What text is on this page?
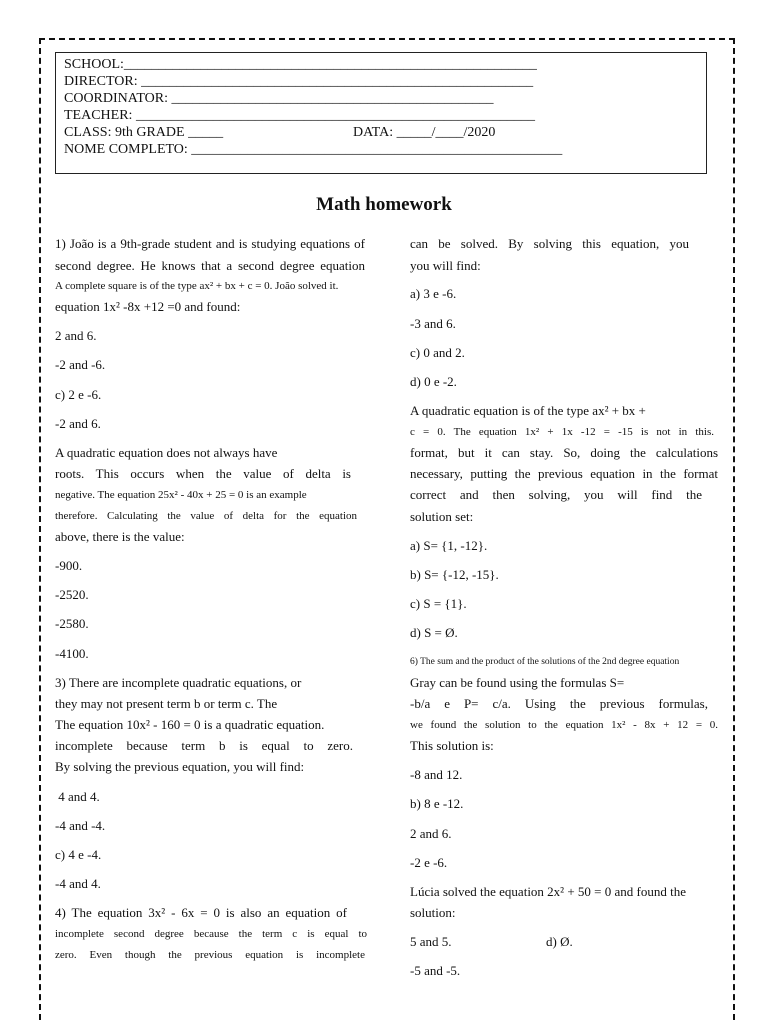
SCHOOL:___________________________________________________________
DIRECTOR: ________________________________________________________
COORDINATOR: ______________________________________________
TEACHER: _________________________________________________________
CLASS: 9th GRADE _____	DATA: _____/____/2020
NOME COMPLETO: _____________________________________________________
Math homework
1) João is a 9th-grade student and is studying equations of
second degree. He knows that a second degree equation
A complete square is of the type ax² + bx + c = 0. João solved it.
equation 1x² -8x +12 =0 and found:
2 and 6.
-2 and -6.
c) 2 e -6.
-2 and 6.
A quadratic equation does not always have
roots. This occurs when the value of delta is
negative. The equation 25x² - 40x + 25 = 0 is an example
therefore. Calculating the value of delta for the equation
above, there is the value:
-900.
-2520.
-2580.
-4100.
3) There are incomplete quadratic equations, or
they may not present term b or term c. The
The equation 10x² - 160 = 0 is a quadratic equation.
incomplete because term b is equal to zero.
By solving the previous equation, you will find:
4 and 4.
-4 and -4.
c) 4 e -4.
-4 and 4.
4) The equation 3x² - 6x = 0 is also an equation of
incomplete second degree because the term c is equal to
zero. Even though the previous equation is incomplete
can be solved. By solving this equation, you
you will find:
a) 3 e -6.
-3 and 6.
c) 0 and 2.
d) 0 e -2.
A quadratic equation is of the type ax² + bx +
c = 0. The equation 1x² + 1x -12 = -15 is not in this.
format, but it can stay. So, doing the calculations
necessary, putting the previous equation in the format
correct and then solving, you will find the
solution set:
a) S= {1, -12}.
b) S= {-12, -15}.
c) S = {1}.
d) S = Ø.
6) The sum and the product of the solutions of the 2nd degree equation
Gray can be found using the formulas S=
-b/a e P= c/a. Using the previous formulas,
we found the solution to the equation 1x² - 8x + 12 = 0.
This solution is:
-8 and 12.
b) 8 e -12.
2 and 6.
-2 e -6.
Lúcia solved the equation 2x² + 50 = 0 and found the
solution:
5 and 5.	d) Ø.
-5 and -5.
